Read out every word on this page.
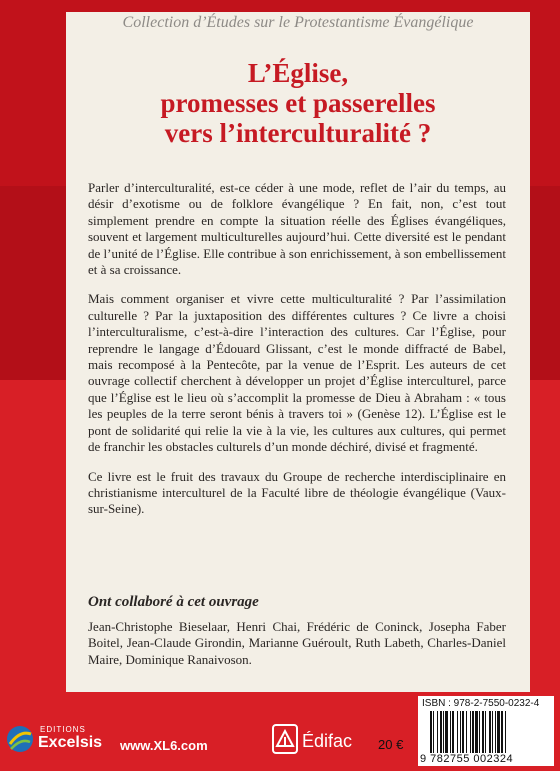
Collection d’Études sur le Protestantisme Évangélique
L’Église,
promesses et passerelles
vers l’interculturalité ?

Parler d’interculturalité, est-ce céder à une mode, reflet de l’air du temps, au désir d’exotisme ou de folklore évangélique ? En fait, non, c’est tout simplement prendre en compte la situation réelle des Églises évangéliques, souvent et largement multiculturelles aujourd’hui. Cette diversité est le pendant de l’unité de l’Église. Elle contribue à son enrichissement, à son embellissement et à sa croissance.

Mais comment organiser et vivre cette multiculturalité ? Par l’assimilation culturelle ? Par la juxtaposition des différentes cultures ? Ce livre a choisi l’interculturalisme, c’est-à-dire l’interaction des cultures. Car l’Église, pour reprendre le langage d’Édouard Glissant, c’est le monde diffracté de Babel, mais recomposé à la Pentecôte, par la venue de l’Esprit. Les auteurs de cet ouvrage collectif cherchent à développer un projet d’Église interculturel, parce que l’Église est le lieu où s’accomplit la promesse de Dieu à Abraham : « tous les peuples de la terre seront bénis à travers toi » (Genèse 12). L’Église est le pont de solidarité qui relie la vie à la vie, les cultures aux cultures, qui permet de franchir les obstacles culturels d’un monde déchiré, divisé et fragmenté.

Ce livre est le fruit des travaux du Groupe de recherche interdisciplinaire en christianisme interculturel de la Faculté libre de théologie évangélique (Vaux-sur-Seine).

Ont collaboré à cet ouvrage
Jean-Christophe Bieselaar, Henri Chai, Frédéric de Coninck, Josepha Faber Boitel, Jean-Claude Girondin, Marianne Guéroult, Ruth Labeth, Charles-Daniel Maire, Dominique Ranaivoson.
EDITIONS
Excelsis www.XL6.com	Édifac 20 €
ISBN : 978-2-7550-0232-4
9 782755 002324
